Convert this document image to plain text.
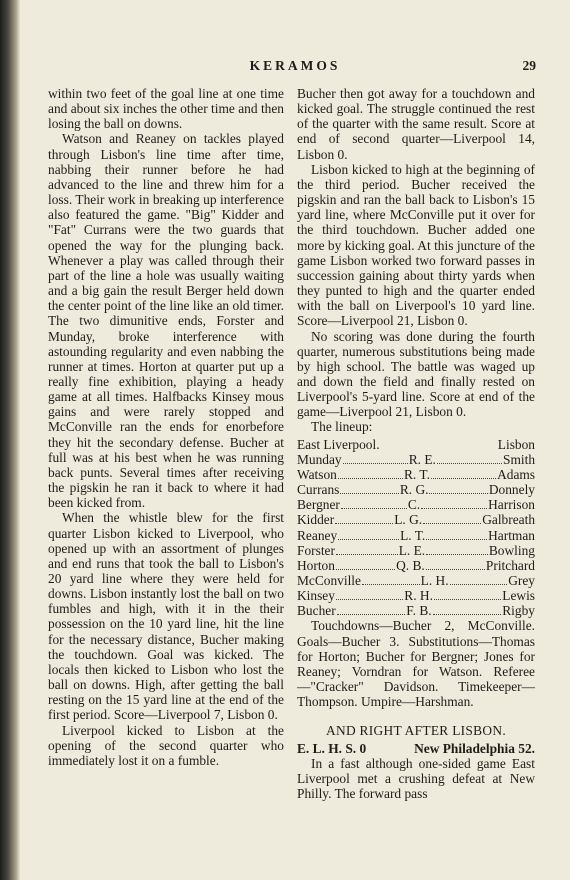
KERAMOS	29

within two feet of the goal line at one time and about six inches the other time and then losing the ball on downs.

Watson and Reaney on tackles played through Lisbon's line time after time, nabbing their runner before he had advanced to the line and threw him for a loss. Their work in breaking up interference also featured the game. "Big" Kidder and "Fat" Currans were the two guards that opened the way for the plunging back. Whenever a play was called through their part of the line a hole was usually waiting and a big gain the result Berger held down the center point of the line like an old timer. The two dimunitive ends, Forster and Munday, broke interference with astounding regularity and even nabbing the runner at times. Horton at quarter put up a really fine exhibition, playing a heady game at all times. Halfbacks Kinsey mous gains and were rarely stopped and McConville ran the ends for enorbefore they hit the secondary defense. Bucher at full was at his best when he was running back punts. Several times after receiving the pigskin he ran it back to where it had been kicked from.

When the whistle blew for the first quarter Lisbon kicked to Liverpool, who opened up with an assortment of plunges and end runs that took the ball to Lisbon's 20 yard line where they were held for downs. Lisbon instantly lost the ball on two fumbles and high, with it in the their possession on the 10 yard line, hit the line for the necessary distance, Bucher making the touchdown. Goal was kicked. The locals then kicked to Lisbon who lost the ball on downs. High, after getting the ball resting on the 15 yard line at the end of the first period. Score—Liverpool 7, Lisbon 0.

Liverpool kicked to Lisbon at the opening of the second quarter who immediately lost it on a fumble.

Bucher then got away for a touchdown and kicked goal. The struggle continued the rest of the quarter with the same result. Score at end of second quarter—Liverpool 14, Lisbon 0.

Lisbon kicked to high at the beginning of the third period. Bucher received the pigskin and ran the ball back to Lisbon's 15 yard line, where McConville put it over for the third touchdown. Bucher added one more by kicking goal. At this juncture of the game Lisbon worked two forward passes in succession gaining about thirty yards when they punted to high and the quarter ended with the ball on Liverpool's 10 yard line. Score—Liverpool 21, Lisbon 0.

No scoring was done during the fourth quarter, numerous substitutions being made by high school. The battle was waged up and down the field and finally rested on Liverpool's 5-yard line. Score at end of the game—Liverpool 21, Lisbon 0.

The lineup:

East Liverpool.	Lisbon
Munday	R. E.	Smith
Watson	R. T.	Adams
Currans	R. G.	Donnely
Bergner	C.	Harrison
Kidder	L. G.	Galbreath
Reaney	L. T.	Hartman
Forster	L. E.	Bowling
Horton	Q. B.	Pritchard
McConville	L. H.	Grey
Kinsey	R. H.	Lewis
Bucher	F. B.	Rigby

Touchdowns—Bucher 2, McConville. Goals—Bucher 3. Substitutions—Thomas for Horton; Bucher for Bergner; Jones for Reaney; Vorndran for Watson. Referee—"Cracker" Davidson. Timekeeper—Thompson. Umpire—Harshman.

AND RIGHT AFTER LISBON.
E. L. H. S. 0	New Philadelphia 52.

In a fast although one-sided game East Liverpool met a crushing defeat at New Philly. The forward pass
